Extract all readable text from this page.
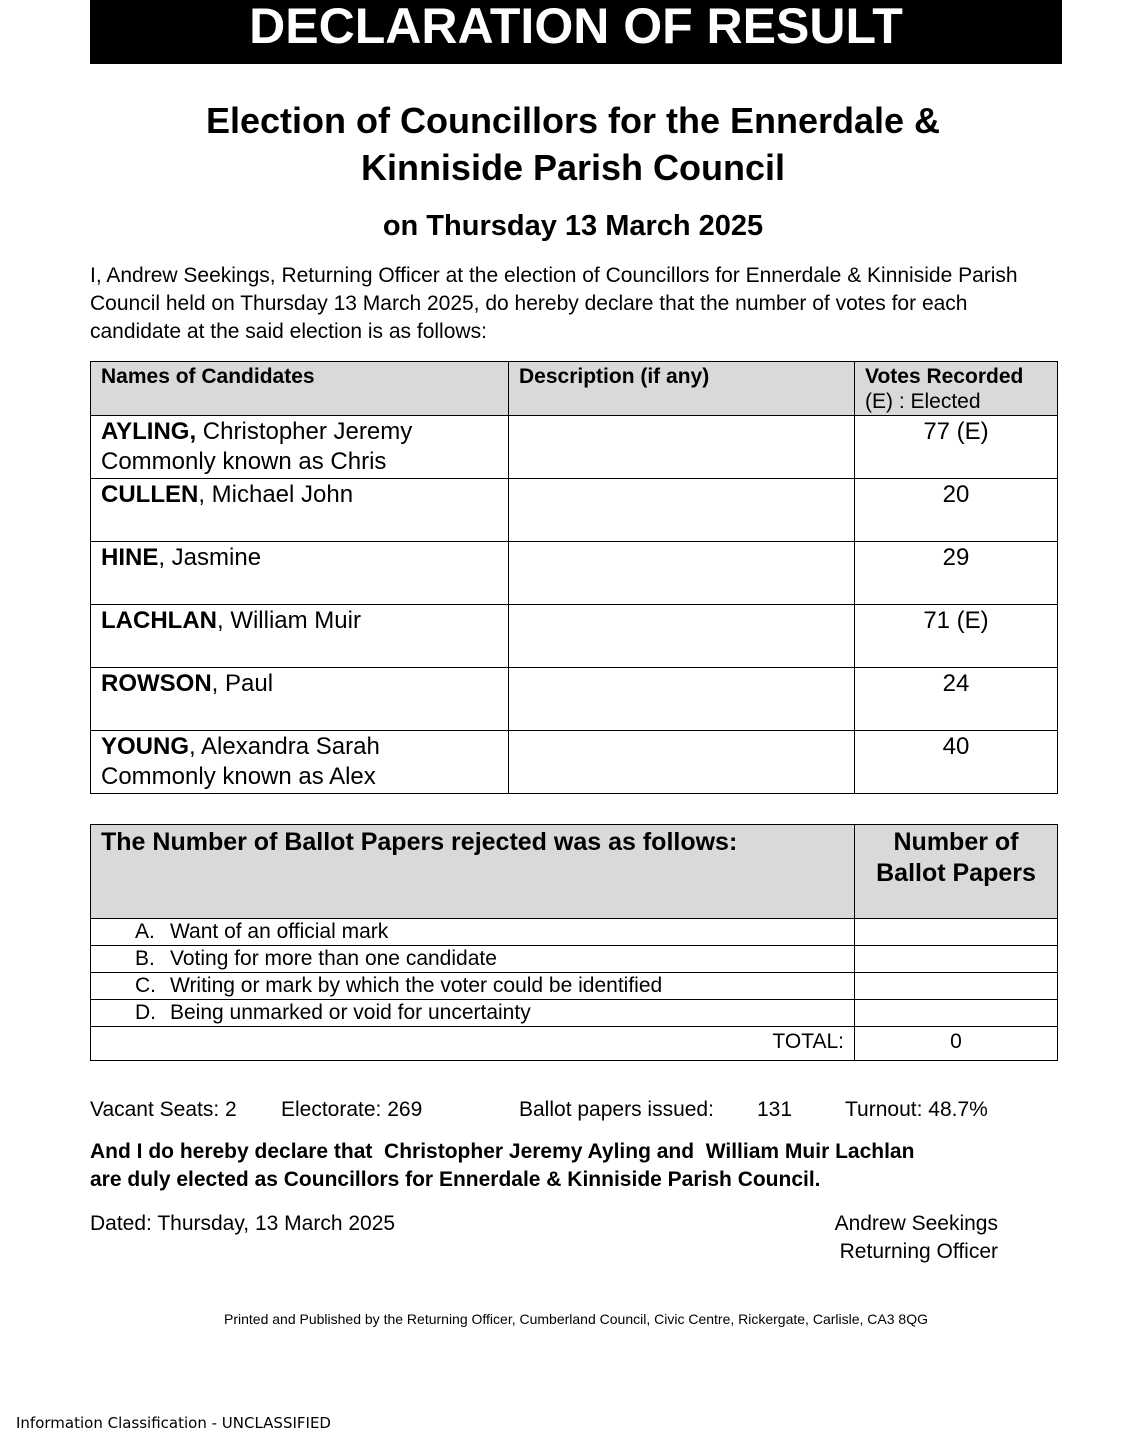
DECLARATION OF RESULT
Election of Councillors for the Ennerdale &
Kinniside Parish Council
on Thursday 13 March 2025
I, Andrew Seekings, Returning Officer at the election of Councillors for Ennerdale & Kinniside Parish Council held on Thursday 13 March 2025, do hereby declare that the number of votes for each candidate at the said election is as follows:
Names of Candidates	Description (if any)	Votes Recorded
(E) : Elected

AYLING, Christopher Jeremy
Commonly known as Chris		77 (E)
CULLEN, Michael John		20
HINE, Jasmine		29
LACHLAN, William Muir		71 (E)
ROWSON, Paul		24
YOUNG, Alexandra Sarah
Commonly known as Alex		40
The Number of Ballot Papers rejected was as follows:	Number of
Ballot Papers

A. Want of an official mark	
B. Voting for more than one candidate	
C. Writing or mark by which the voter could be identified	
D. Being unmarked or void for uncertainty	
TOTAL:	0
Vacant Seats: 2 Electorate: 269	Ballot papers issued: 131	Turnout: 48.7%
And I do hereby declare that  Christopher Jeremy Ayling and  William Muir Lachlan
are duly elected as Councillors for Ennerdale & Kinniside Parish Council.
Dated: Thursday, 13 March 2025	Andrew Seekings
Returning Officer
Printed and Published by the Returning Officer, Cumberland Council, Civic Centre, Rickergate, Carlisle, CA3 8QG
Information Classification - UNCLASSIFIED
